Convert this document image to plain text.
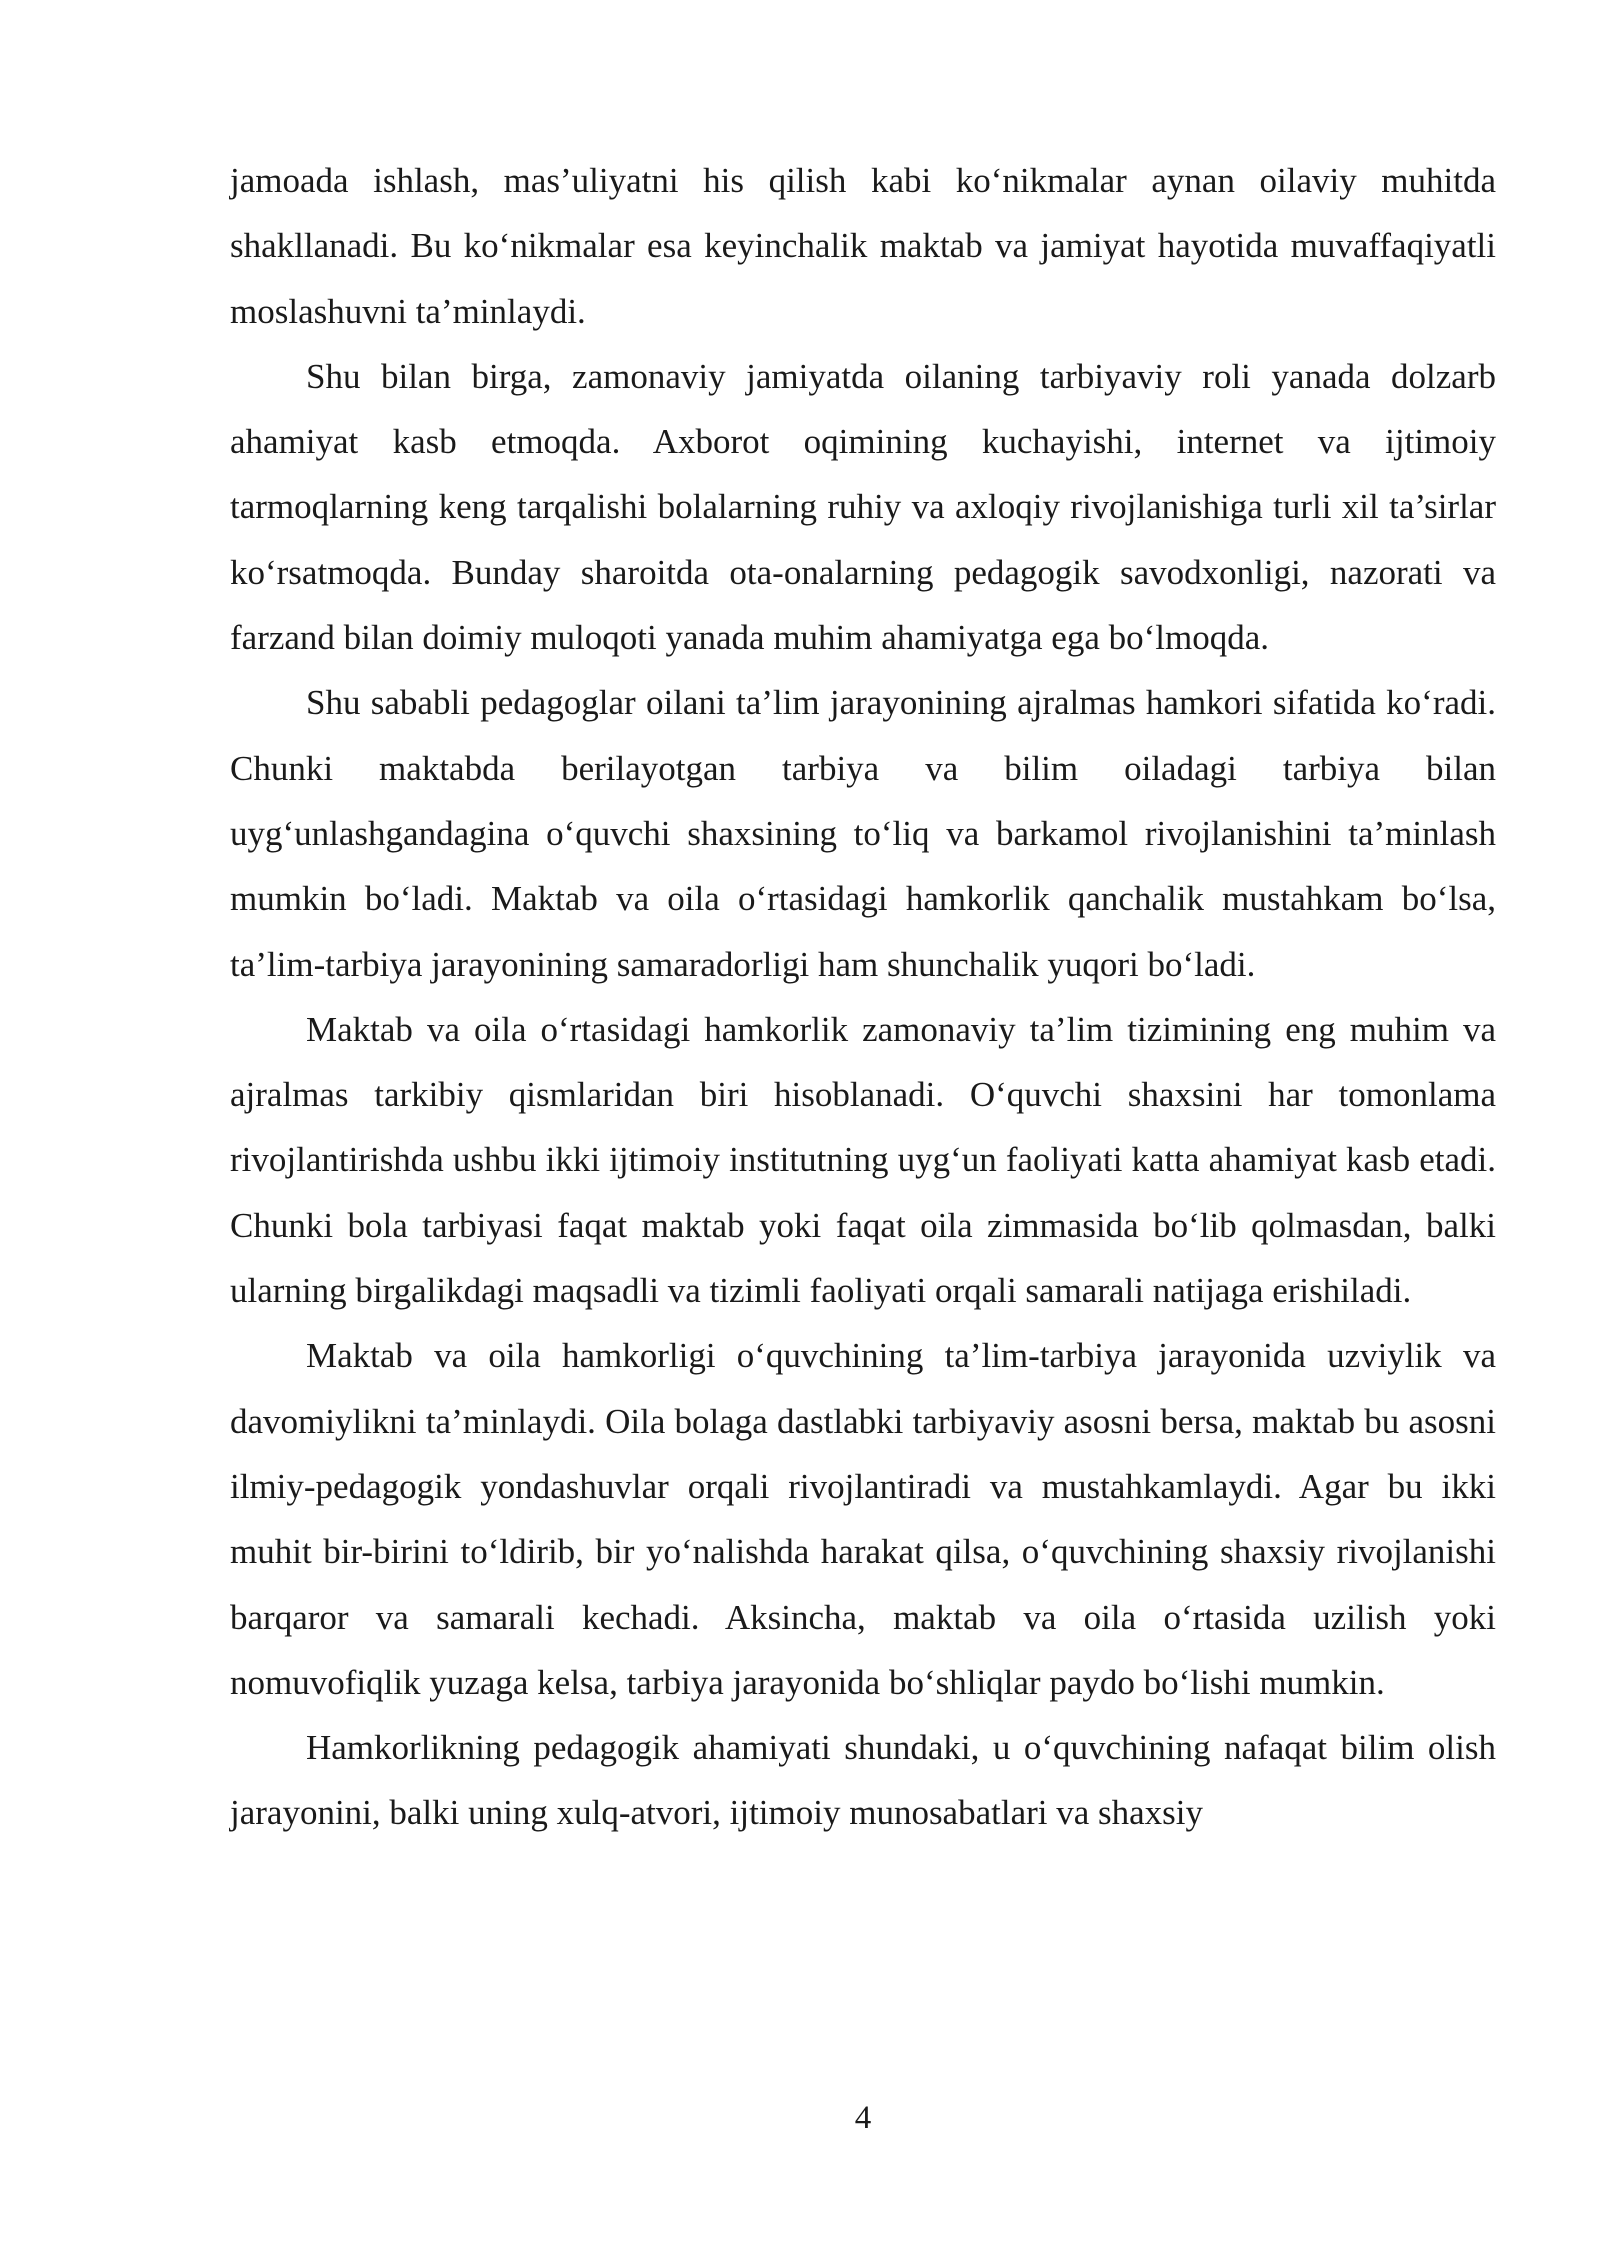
jamoada ishlash, mas’uliyatni his qilish kabi ko‘nikmalar aynan oilaviy muhitda shakllanadi. Bu ko‘nikmalar esa keyinchalik maktab va jamiyat hayotida muvaffaqiyatli moslashuvni ta’minlaydi.

Shu bilan birga, zamonaviy jamiyatda oilaning tarbiyaviy roli yanada dolzarb ahamiyat kasb etmoqda. Axborot oqimining kuchayishi, internet va ijtimoiy tarmoqlarning keng tarqalishi bolalarning ruhiy va axloqiy rivojlanishiga turli xil ta’sirlar ko‘rsatmoqda. Bunday sharoitda ota-onalarning pedagogik savodxonligi, nazorati va farzand bilan doimiy muloqoti yanada muhim ahamiyatga ega bo‘lmoqda.

Shu sababli pedagoglar oilani ta’lim jarayonining ajralmas hamkori sifatida ko‘radi. Chunki maktabda berilayotgan tarbiya va bilim oiladagi tarbiya bilan uyg‘unlashgandagina o‘quvchi shaxsining to‘liq va barkamol rivojlanishini ta’minlash mumkin bo‘ladi. Maktab va oila o‘rtasidagi hamkorlik qanchalik mustahkam bo‘lsa, ta’lim-tarbiya jarayonining samaradorligi ham shunchalik yuqori bo‘ladi.

Maktab va oila o‘rtasidagi hamkorlik zamonaviy ta’lim tizimining eng muhim va ajralmas tarkibiy qismlaridan biri hisoblanadi. O‘quvchi shaxsini har tomonlama rivojlantirishda ushbu ikki ijtimoiy institutning uyg‘un faoliyati katta ahamiyat kasb etadi. Chunki bola tarbiyasi faqat maktab yoki faqat oila zimmasida bo‘lib qolmasdan, balki ularning birgalikdagi maqsadli va tizimli faoliyati orqali samarali natijaga erishiladi.

Maktab va oila hamkorligi o‘quvchining ta’lim-tarbiya jarayonida uzviylik va davomiylikni ta’minlaydi. Oila bolaga dastlabki tarbiyaviy asosni bersa, maktab bu asosni ilmiy-pedagogik yondashuvlar orqali rivojlantiradi va mustahkamlaydi. Agar bu ikki muhit bir-birini to‘ldirib, bir yo‘nalishda harakat qilsa, o‘quvchining shaxsiy rivojlanishi barqaror va samarali kechadi. Aksincha, maktab va oila o‘rtasida uzilish yoki nomuvofiqlik yuzaga kelsa, tarbiya jarayonida bo‘shliqlar paydo bo‘lishi mumkin.

Hamkorlikning pedagogik ahamiyati shundaki, u o‘quvchining nafaqat bilim olish jarayonini, balki uning xulq-atvori, ijtimoiy munosabatlari va shaxsiy

4
